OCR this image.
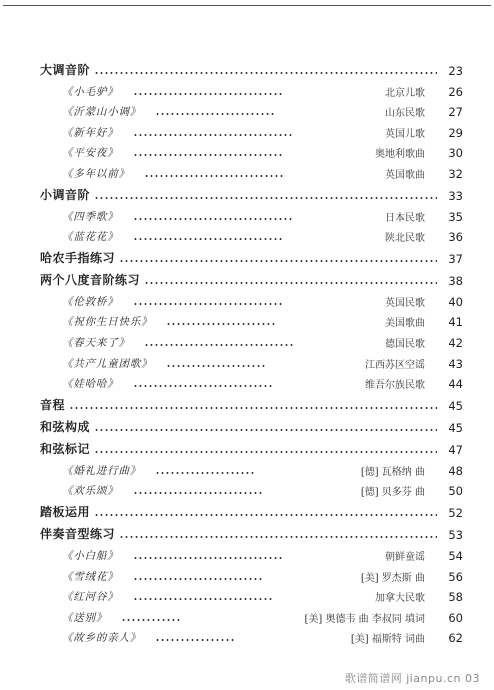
大调音阶	23
《小毛驴》	北京儿歌	26
《沂蒙山小调》	山东民歌	27
《新年好》	英国儿歌	29
《平安夜》	奥地利歌曲	30
《多年以前》	英国歌曲	32
小调音阶	33
《四季歌》	日本民歌	35
《蓝花花》	陕北民歌	36
哈农手指练习	37
两个八度音阶练习	38
《伦敦桥》	英国民歌	40
《祝你生日快乐》	美国歌曲	41
《春天来了》	德国民歌	42
《共产儿童团歌》	江西苏区空谣	43
《娃哈哈》	维吾尔族民歌	44
音程	45
和弦构成	45
和弦标记	47
《婚礼进行曲》	[德] 瓦格纳 曲	48
《欢乐颂》	[德] 贝多芬 曲	50
踏板运用	52
伴奏音型练习	53
《小白船》	朝鲜童谣	54
《雪绒花》	[美] 罗杰斯 曲	56
《红河谷》	加拿大民歌	58
《送别》	[美] 奥德韦 曲 李叔同 填词	60
《故乡的亲人》	[美] 福斯特 词曲	62
歌谱简谱网 jianpu.cn 03
